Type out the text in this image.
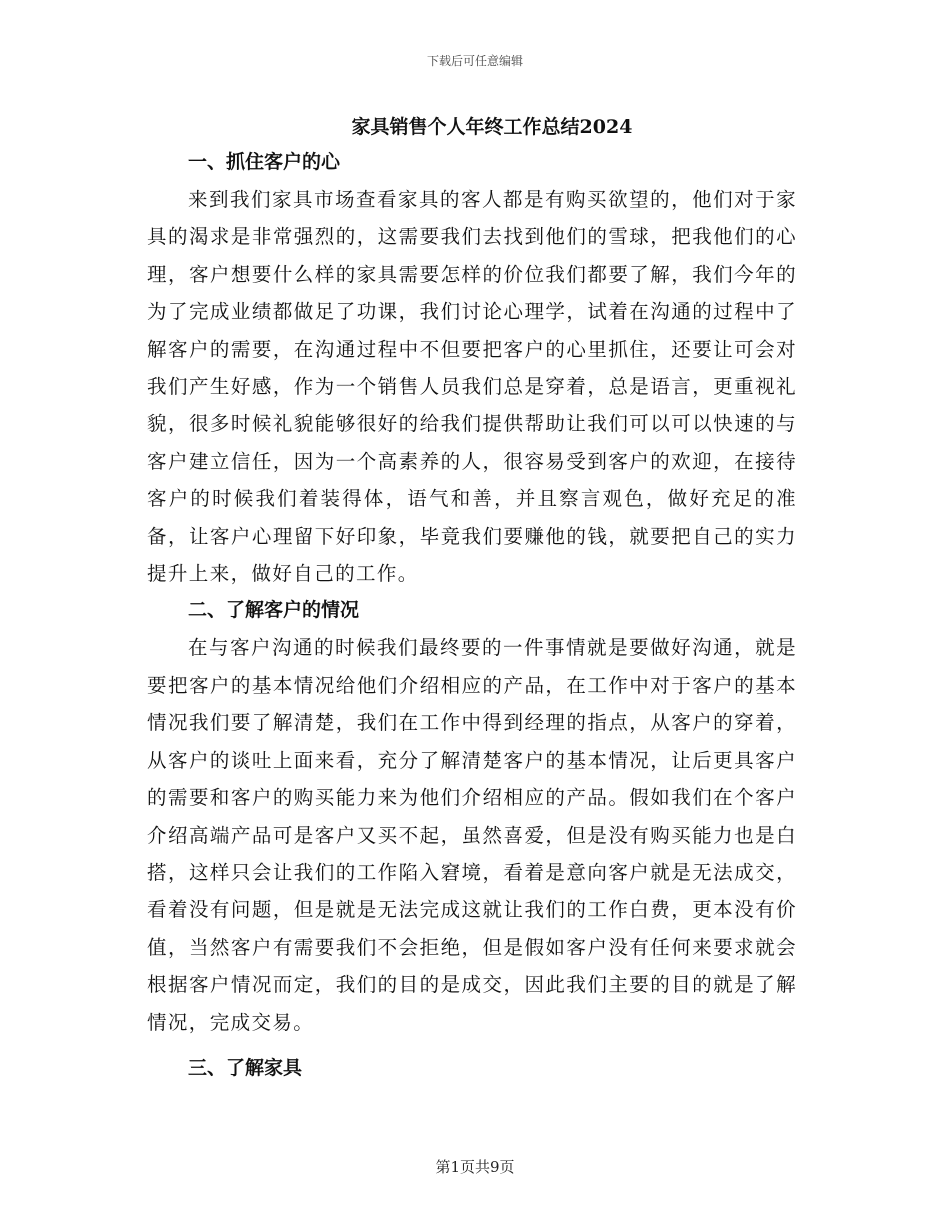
下载后可任意编辑
家具销售个人年终工作总结2024
一、抓住客户的心

来到我们家具市场查看家具的客人都是有购买欲望的，他们对于家具的渴求是非常强烈的，这需要我们去找到他们的雪球，把我他们的心理，客户想要什么样的家具需要怎样的价位我们都要了解，我们今年的为了完成业绩都做足了功课，我们讨论心理学，试着在沟通的过程中了解客户的需要，在沟通过程中不但要把客户的心里抓住，还要让可会对我们产生好感，作为一个销售人员我们总是穿着，总是语言，更重视礼貌，很多时候礼貌能够很好的给我们提供帮助让我们可以可以快速的与客户建立信任，因为一个高素养的人，很容易受到客户的欢迎，在接待客户的时候我们着装得体，语气和善，并且察言观色，做好充足的准备，让客户心理留下好印象，毕竟我们要赚他的钱，就要把自己的实力提升上来，做好自己的工作。

二、了解客户的情况

在与客户沟通的时候我们最终要的一件事情就是要做好沟通，就是要把客户的基本情况给他们介绍相应的产品，在工作中对于客户的基本情况我们要了解清楚，我们在工作中得到经理的指点，从客户的穿着，从客户的谈吐上面来看，充分了解清楚客户的基本情况，让后更具客户的需要和客户的购买能力来为他们介绍相应的产品。假如我们在个客户介绍高端产品可是客户又买不起，虽然喜爱，但是没有购买能力也是白搭，这样只会让我们的工作陷入窘境，看着是意向客户就是无法成交，看着没有问题，但是就是无法完成这就让我们的工作白费，更本没有价值，当然客户有需要我们不会拒绝，但是假如客户没有任何来要求就会根据客户情况而定，我们的目的是成交，因此我们主要的目的就是了解情况，完成交易。

三、了解家具
第1页共9页
